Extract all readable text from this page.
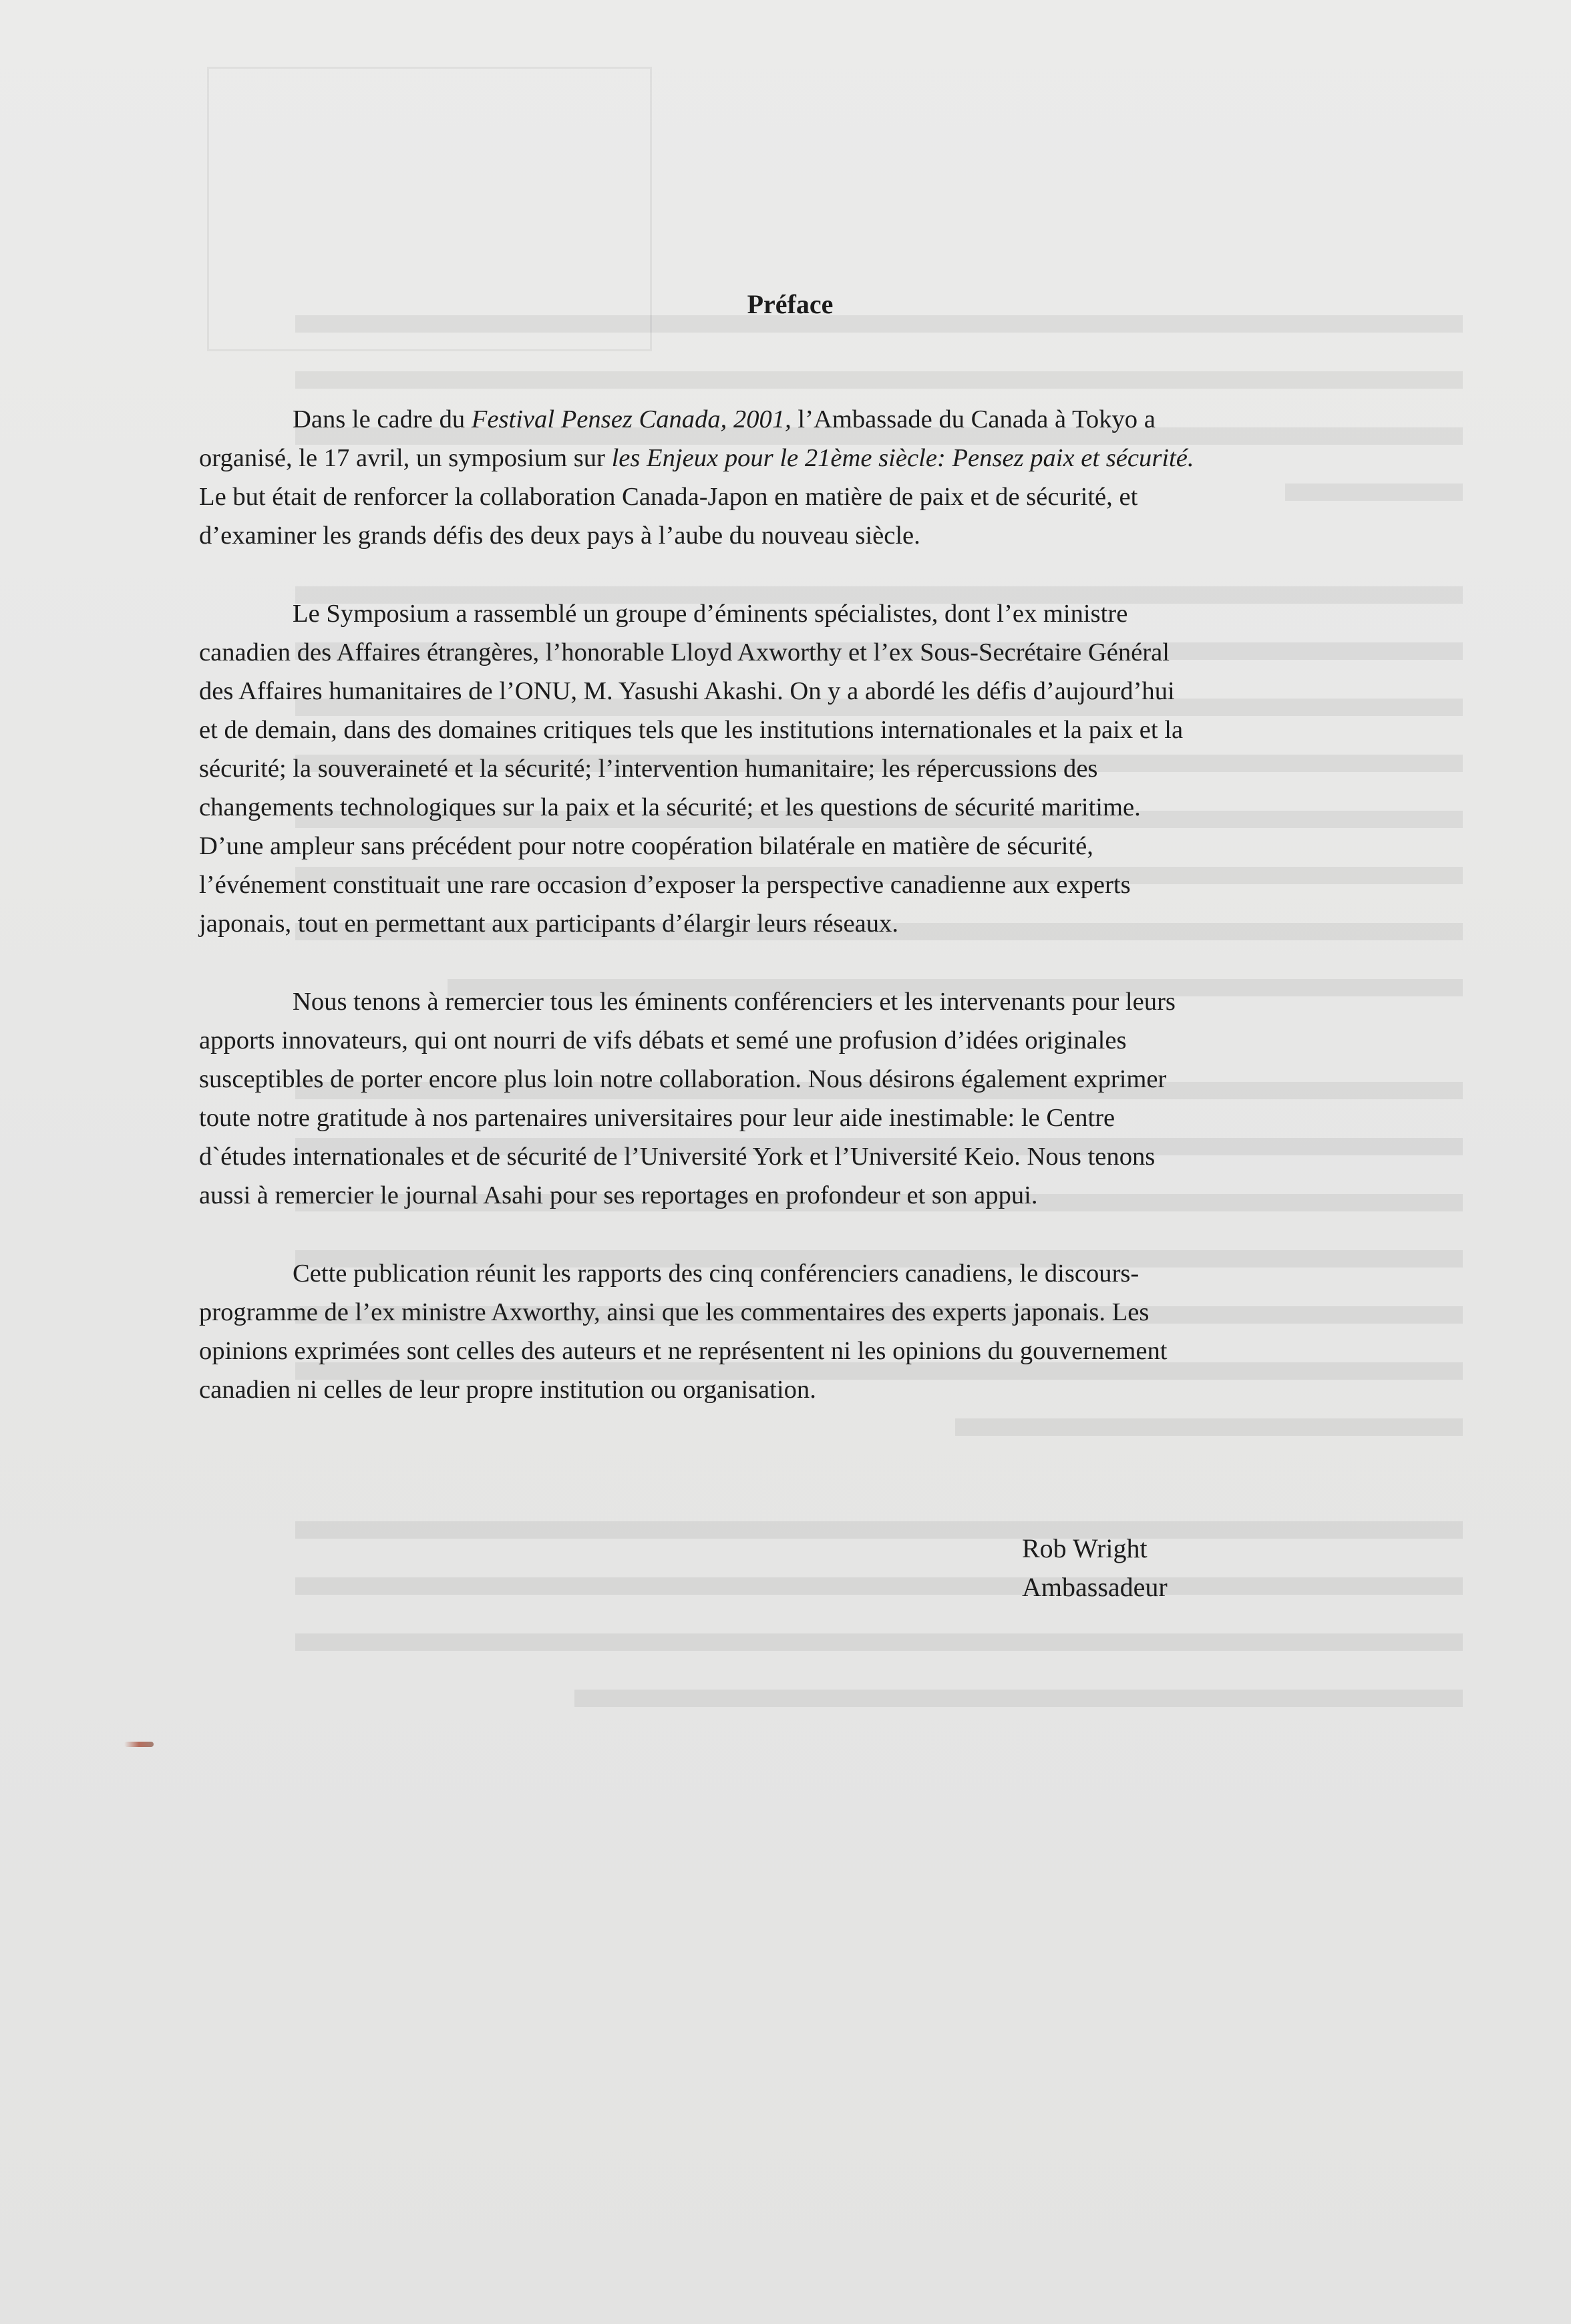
Préface

Dans le cadre du Festival Pensez Canada, 2001, l’Ambassade du Canada à Tokyo a
organisé, le 17 avril, un symposium sur les Enjeux pour le 21ème siècle: Pensez paix et sécurité.
Le but était de renforcer la collaboration Canada-Japon en matière de paix et de sécurité, et
d’examiner les grands défis des deux pays à l’aube du nouveau siècle.

Le Symposium a rassemblé un groupe d’éminents spécialistes, dont l’ex ministre
canadien des Affaires étrangères, l’honorable Lloyd Axworthy et l’ex Sous-Secrétaire Général
des Affaires humanitaires de l’ONU, M. Yasushi Akashi. On y a abordé les défis d’aujourd’hui
et de demain, dans des domaines critiques tels que les institutions internationales et la paix et la
sécurité; la souveraineté et la sécurité; l’intervention humanitaire; les répercussions des
changements technologiques sur la paix et la sécurité; et les questions de sécurité maritime.
D’une ampleur sans précédent pour notre coopération bilatérale en matière de sécurité,
l’événement constituait une rare occasion d’exposer la perspective canadienne aux experts
japonais, tout en permettant aux participants d’élargir leurs réseaux.

Nous tenons à remercier tous les éminents conférenciers et les intervenants pour leurs
apports innovateurs, qui ont nourri de vifs débats et semé une profusion d’idées originales
susceptibles de porter encore plus loin notre collaboration. Nous désirons également exprimer
toute notre gratitude à nos partenaires universitaires pour leur aide inestimable: le Centre
d`études internationales et de sécurité de l’Université York et l’Université Keio. Nous tenons
aussi à remercier le journal Asahi pour ses reportages en profondeur et son appui.

Cette publication réunit les rapports des cinq conférenciers canadiens, le discours-
programme de l’ex ministre Axworthy, ainsi que les commentaires des experts japonais. Les
opinions exprimées sont celles des auteurs et ne représentent ni les opinions du gouvernement
canadien ni celles de leur propre institution ou organisation.

Rob Wright
Ambassadeur
